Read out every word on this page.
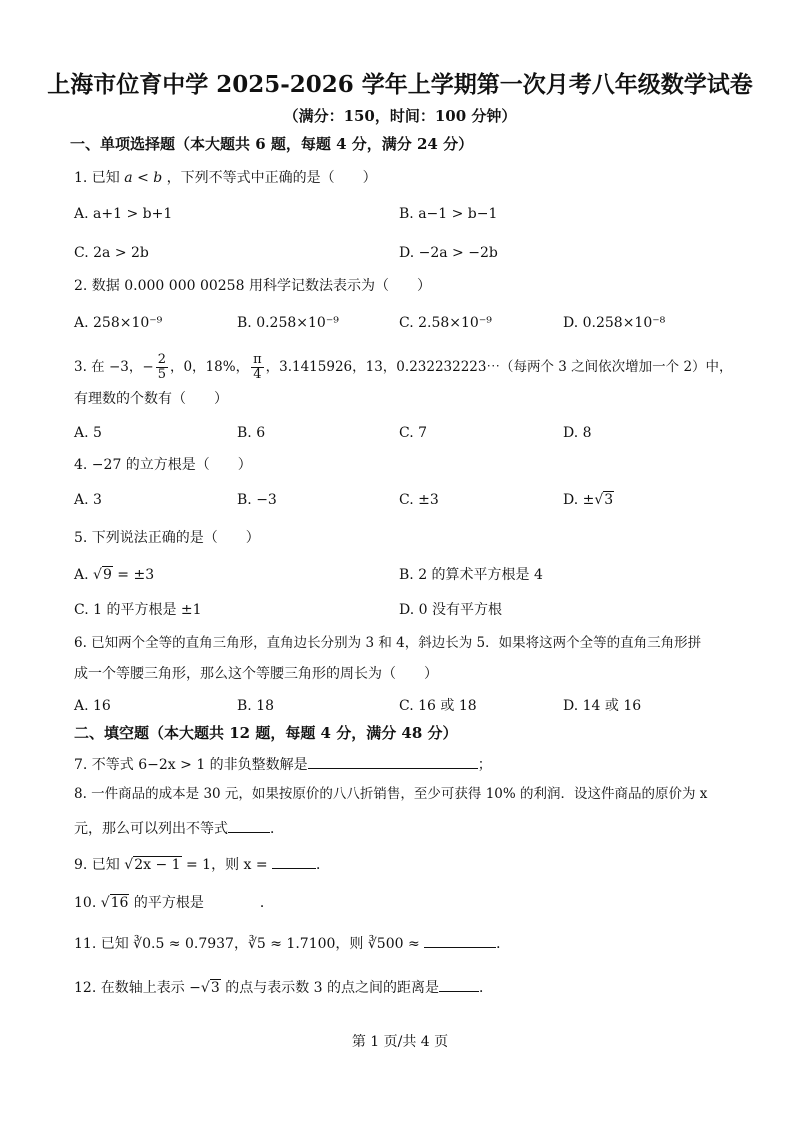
上海市位育中学 2025-2026 学年上学期第一次月考八年级数学试卷
（满分：150，时间：100 分钟）
一、单项选择题（本大题共 6 题，每题 4 分，满分 24 分）
1. 已知 a < b ，下列不等式中正确的是（　　）
A. a+1 > b+1	B. a−1 > b−1
C. 2a > 2b	D. −2a > −2b
2. 数据 0.000 000 00258 用科学记数法表示为（　　）
A. 258×10⁻⁹	B. 0.258×10⁻⁹	C. 2.58×10⁻⁹	D. 0.258×10⁻⁸
3. 在 −3，− $\frac{2}{5}$ ，0，18%， $\frac{\pi}{4}$ ，3.1415926，13，0.232232223⋯（每两个 3 之间依次增加一个 2）中，
有理数的个数有（　　）
A. 5	B. 6	C. 7	D. 8
4. −27 的立方根是（　　）
A. 3	B. −3	C. ±3	D. ±√3
5. 下列说法正确的是（　　）
A. √9 = ±3	B. 2 的算术平方根是 4
C. 1 的平方根是 ±1	D. 0 没有平方根
6. 已知两个全等的直角三角形，直角边长分别为 3 和 4，斜边长为 5．如果将这两个全等的直角三角形拼
成一个等腰三角形，那么这个等腰三角形的周长为（　　）
A. 16	B. 18	C. 16 或 18	D. 14 或 16
二、填空题（本大题共 12 题，每题 4 分，满分 48 分）
7. 不等式 6−2x > 1 的非负整数解是	；
8. 一件商品的成本是 30 元，如果按原价的八八折销售，至少可获得 10% 的利润．设这件商品的原价为 x
元，那么可以列出不等式	．
9. 已知 √2x − 1 = 1，则 x =	．
10. √16 的平方根是　　　　．
11. 已知 ∛0.5 ≈ 0.7937，∛5 ≈ 1.7100，则 ∛500 ≈	．
12. 在数轴上表示 −√3 的点与表示数 3 的点之间的距离是	．
第 1 页/共 4 页
